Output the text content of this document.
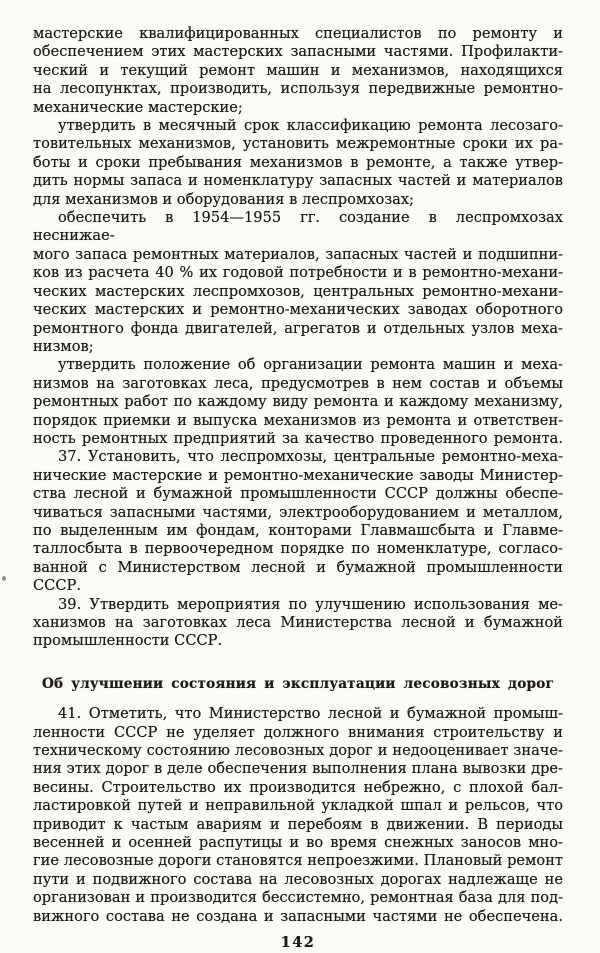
мастерские квалифицированных специалистов по ремонту и
обеспечением этих мастерских запасными частями. Профилакти-
ческий и текущий ремонт машин и механизмов, находящихся
на лесопунктах, производить, используя передвижные ремонтно-
механические мастерские;
утвердить в месячный срок классификацию ремонта лесозаго-
товительных механизмов, установить межремонтные сроки их ра-
боты и сроки пребывания механизмов в ремонте, а также утвер-
дить нормы запаса и номенклатуру запасных частей и материалов
для механизмов и оборудования в леспромхозах;
обеспечить в 1954—1955 гг. создание в леспромхозах неснижае-
мого запаса ремонтных материалов, запасных частей и подшипни-
ков из расчета 40 % их годовой потребности и в ремонтно-механи-
ческих мастерских леспромхозов, центральных ремонтно-механи-
ческих мастерских и ремонтно-механических заводах оборотного
ремонтного фонда двигателей, агрегатов и отдельных узлов меха-
низмов;
утвердить положение об организации ремонта машин и меха-
низмов на заготовках леса, предусмотрев в нем состав и объемы
ремонтных работ по каждому виду ремонта и каждому механизму,
порядок приемки и выпуска механизмов из ремонта и ответствен-
ность ремонтных предприятий за качество проведенного ремонта.
37. Установить, что леспромхозы, центральные ремонтно-меха-
нические мастерские и ремонтно-механические заводы Министер-
ства лесной и бумажной промышленности СССР должны обеспе-
чиваться запасными частями, электрооборудованием и металлом,
по выделенным им фондам, конторами Главмашсбыта и Главме-
таллосбыта в первоочередном порядке по номенклатуре, согласо-
ванной с Министерством лесной и бумажной промышленности
СССР.
39. Утвердить мероприятия по улучшению использования ме-
ханизмов на заготовках леса Министерства лесной и бумажной
промышленности СССР.
Об улучшении состояния и эксплуатации лесовозных дорог
41. Отметить, что Министерство лесной и бумажной промыш-
ленности СССР не уделяет должного внимания строительству и
техническому состоянию лесовозных дорог и недооценивает значе-
ния этих дорог в деле обеспечения выполнения плана вывозки дре-
весины. Строительство их производится небрежно, с плохой бал-
ластировкой путей и неправильной укладкой шпал и рельсов, что
приводит к частым авариям и перебоям в движении. В периоды
весенней и осенней распутицы и во время снежных заносов мно-
гие лесовозные дороги становятся непроезжими. Плановый ремонт
пути и подвижного состава на лесовозных дорогах надлежаще не
организован и производится бессистемно, ремонтная база для под-
вижного состава не создана и запасными частями не обеспечена.
142
